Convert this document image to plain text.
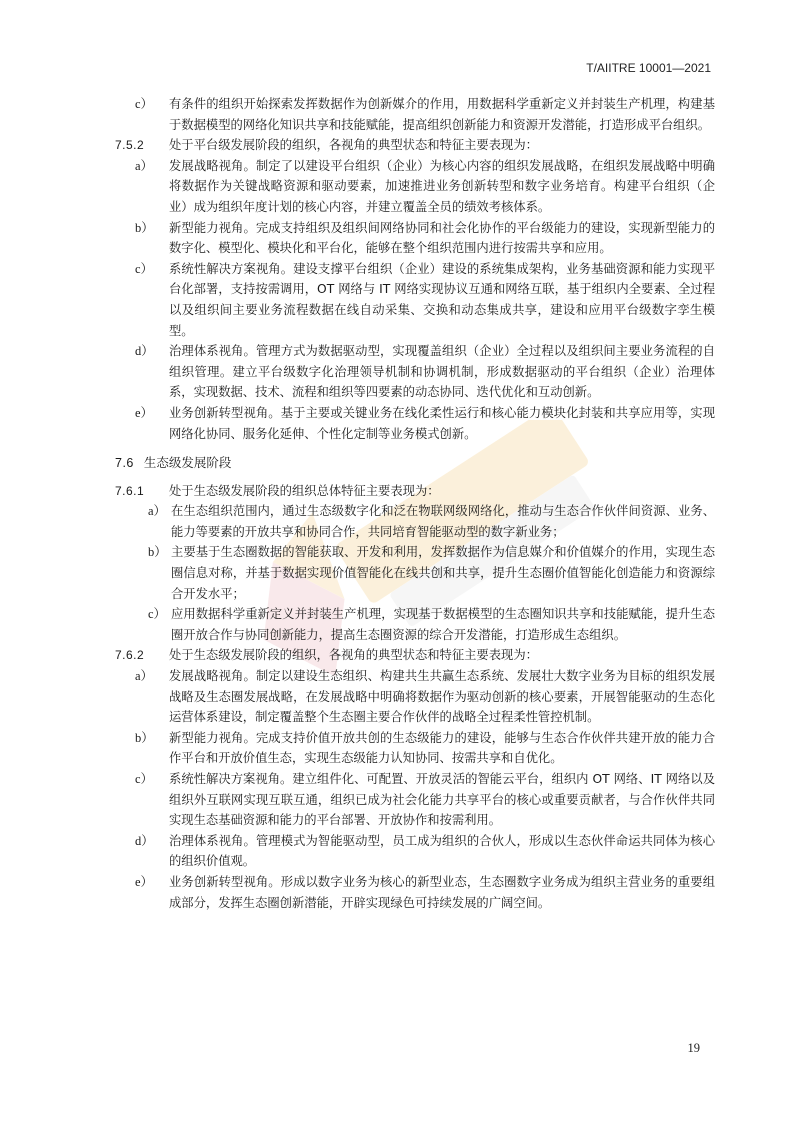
T/AIITRE 10001—2021
c） 有条件的组织开始探索发挥数据作为创新媒介的作用，用数据科学重新定义并封装生产机理，构建基于数据模型的网络化知识共享和技能赋能，提高组织创新能力和资源开发潜能，打造形成平台组织。
7.5.2 处于平台级发展阶段的组织，各视角的典型状态和特征主要表现为：
a） 发展战略视角。制定了以建设平台组织（企业）为核心内容的组织发展战略，在组织发展战略中明确将数据作为关键战略资源和驱动要素，加速推进业务创新转型和数字业务培育。构建平台组织（企业）成为组织年度计划的核心内容，并建立覆盖全员的绩效考核体系。
b） 新型能力视角。完成支持组织及组织间网络协同和社会化协作的平台级能力的建设，实现新型能力的数字化、模型化、模块化和平台化，能够在整个组织范围内进行按需共享和应用。
c） 系统性解决方案视角。建设支撑平台组织（企业）建设的系统集成架构，业务基础资源和能力实现平台化部署，支持按需调用，OT 网络与 IT 网络实现协议互通和网络互联，基于组织内全要素、全过程以及组织间主要业务流程数据在线自动采集、交换和动态集成共享，建设和应用平台级数字孪生模型。
d） 治理体系视角。管理方式为数据驱动型，实现覆盖组织（企业）全过程以及组织间主要业务流程的自组织管理。建立平台级数字化治理领导机制和协调机制，形成数据驱动的平台组织（企业）治理体系，实现数据、技术、流程和组织等四要素的动态协同、迭代优化和互动创新。
e） 业务创新转型视角。基于主要或关键业务在线化柔性运行和核心能力模块化封装和共享应用等，实现网络化协同、服务化延伸、个性化定制等业务模式创新。
7.6 生态级发展阶段
7.6.1 处于生态级发展阶段的组织总体特征主要表现为：
a） 在生态组织范围内，通过生态级数字化和泛在物联网级网络化，推动与生态合作伙伴间资源、业务、能力等要素的开放共享和协同合作，共同培育智能驱动型的数字新业务；
b） 主要基于生态圈数据的智能获取、开发和利用，发挥数据作为信息媒介和价值媒介的作用，实现生态圈信息对称，并基于数据实现价值智能化在线共创和共享，提升生态圈价值智能化创造能力和资源综合开发水平；
c） 应用数据科学重新定义并封装生产机理，实现基于数据模型的生态圈知识共享和技能赋能，提升生态圈开放合作与协同创新能力，提高生态圈资源的综合开发潜能，打造形成生态组织。
7.6.2 处于生态级发展阶段的组织，各视角的典型状态和特征主要表现为：
a） 发展战略视角。制定以建设生态组织、构建共生共赢生态系统、发展壮大数字业务为目标的组织发展战略及生态圈发展战略，在发展战略中明确将数据作为驱动创新的核心要素，开展智能驱动的生态化运营体系建设，制定覆盖整个生态圈主要合作伙伴的战略全过程柔性管控机制。
b） 新型能力视角。完成支持价值开放共创的生态级能力的建设，能够与生态合作伙伴共建开放的能力合作平台和开放价值生态，实现生态级能力认知协同、按需共享和自优化。
c） 系统性解决方案视角。建立组件化、可配置、开放灵活的智能云平台，组织内 OT 网络、IT 网络以及组织外互联网实现互联互通，组织已成为社会化能力共享平台的核心或重要贡献者，与合作伙伴共同实现生态基础资源和能力的平台部署、开放协作和按需利用。
d） 治理体系视角。管理模式为智能驱动型，员工成为组织的合伙人，形成以生态伙伴命运共同体为核心的组织价值观。
e） 业务创新转型视角。形成以数字业务为核心的新型业态，生态圈数字业务成为组织主营业务的重要组成部分，发挥生态圈创新潜能，开辟实现绿色可持续发展的广阔空间。
19
